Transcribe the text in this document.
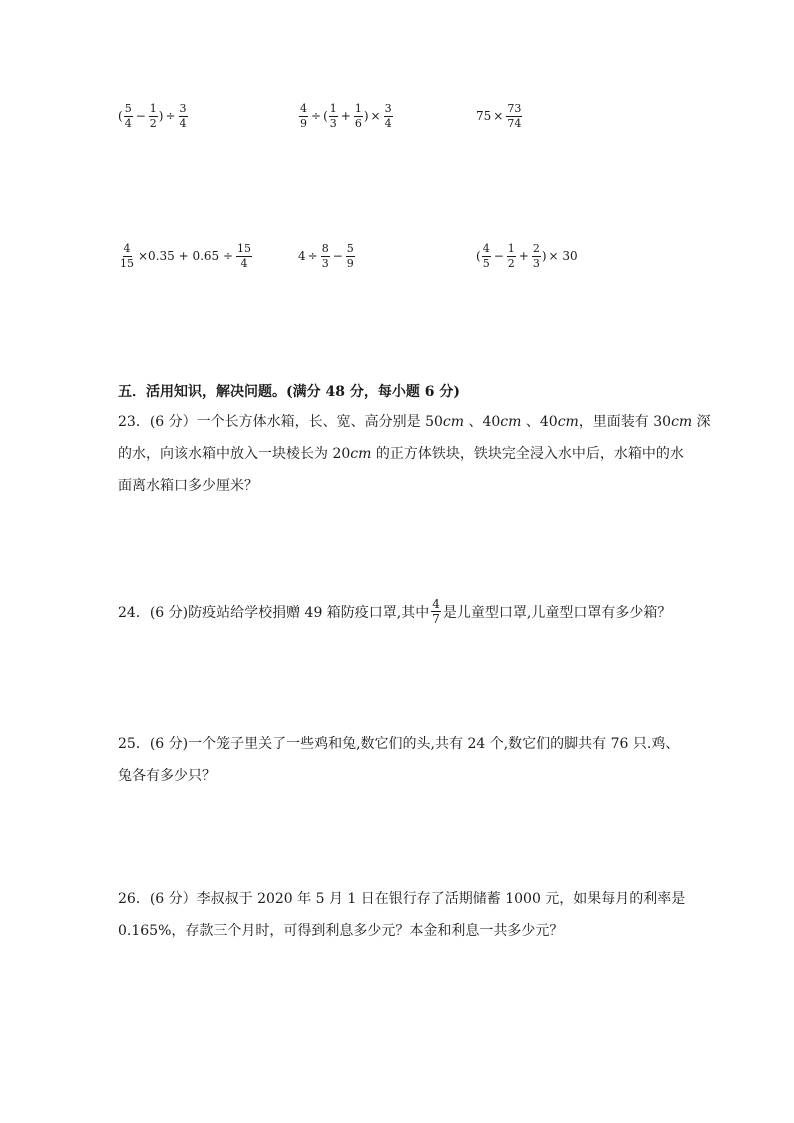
( $\frac{5}{4} - \frac{1}{2}$ ) ÷ $\frac{3}{4}$	$\frac{4}{9}$ ÷ ( $\frac{1}{3} + \frac{1}{6}$ ) × $\frac{3}{4}$	$75 \times \frac{73}{74}$
$\frac{4}{15} \times 0.35 + 0.65 \div \frac{15}{4}$	$4 \div \frac{8}{3} - \frac{5}{9}$	( $\frac{4}{5} - \frac{1}{2} + \frac{2}{3}$ ) × 30
五．活用知识，解决问题。(满分 48 分，每小题 6 分)
23．(6 分）一个长方体水箱，长、宽、高分别是 50cm 、40cm 、40cm，里面装有 30cm 深
的水，向该水箱中放入一块棱长为 20cm 的正方体铁块，铁块完全浸入水中后，水箱中的水
面离水箱口多少厘米？
24．(6 分)防疫站给学校捐赠 49 箱防疫口罩,其中 $\frac{4}{7}$ 是儿童型口罩,儿童型口罩有多少箱？
25．(6 分)一个笼子里关了一些鸡和兔,数它们的头,共有 24 个,数它们的脚共有 76 只.鸡、
兔各有多少只？
26．(6 分）李叔叔于 2020 年 5 月 1 日在银行存了活期储蓄 1000 元，如果每月的利率是
0.165%，存款三个月时，可得到利息多少元？本金和利息一共多少元？
